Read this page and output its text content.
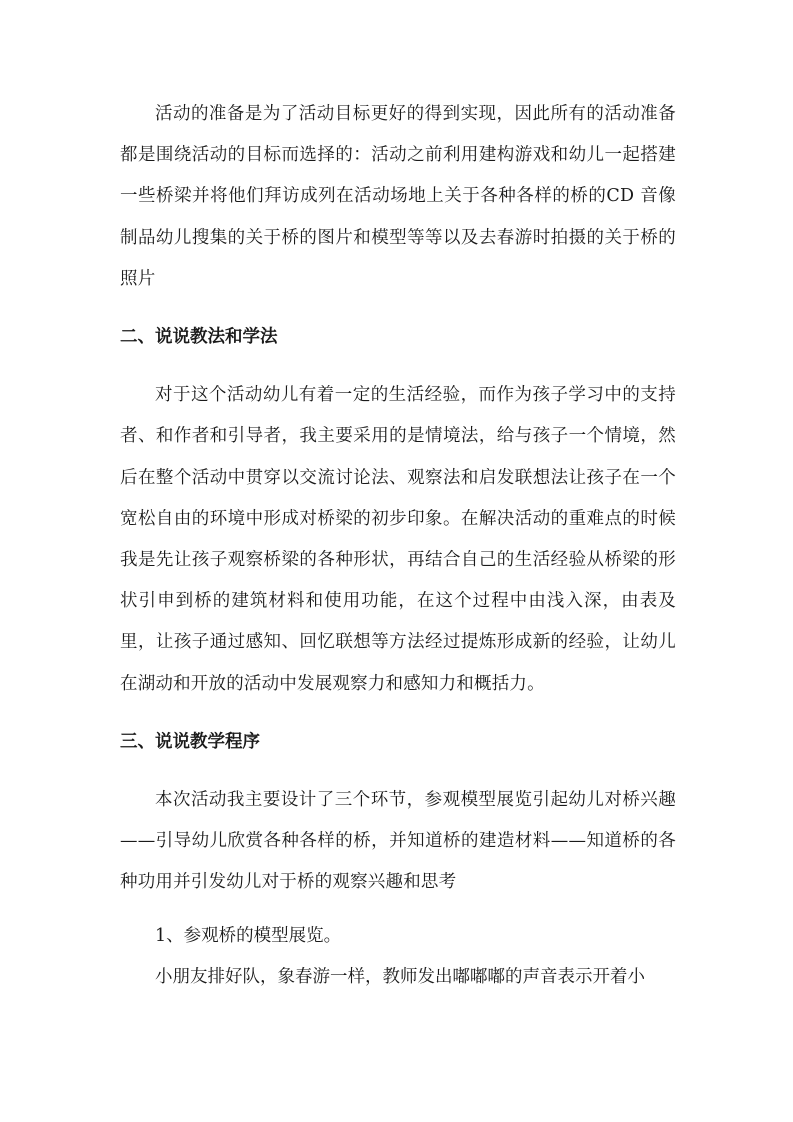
活动的准备是为了活动目标更好的得到实现，因此所有的活动准备都是围绕活动的目标而选择的：活动之前利用建构游戏和幼儿一起搭建一些桥梁并将他们拜访成列在活动场地上关于各种各样的桥的CD 音像制品幼儿搜集的关于桥的图片和模型等等以及去春游时拍摄的关于桥的照片

二、说说教法和学法

对于这个活动幼儿有着一定的生活经验，而作为孩子学习中的支持者、和作者和引导者，我主要采用的是情境法，给与孩子一个情境，然后在整个活动中贯穿以交流讨论法、观察法和启发联想法让孩子在一个宽松自由的环境中形成对桥梁的初步印象。在解决活动的重难点的时候我是先让孩子观察桥梁的各种形状，再结合自己的生活经验从桥梁的形状引申到桥的建筑材料和使用功能，在这个过程中由浅入深，由表及里，让孩子通过感知、回忆联想等方法经过提炼形成新的经验，让幼儿在湖动和开放的活动中发展观察力和感知力和概括力。

三、说说教学程序

本次活动我主要设计了三个环节，参观模型展览引起幼儿对桥兴趣——引导幼儿欣赏各种各样的桥，并知道桥的建造材料——知道桥的各种功用并引发幼儿对于桥的观察兴趣和思考

1、参观桥的模型展览。

小朋友排好队，象春游一样，教师发出嘟嘟嘟的声音表示开着小
